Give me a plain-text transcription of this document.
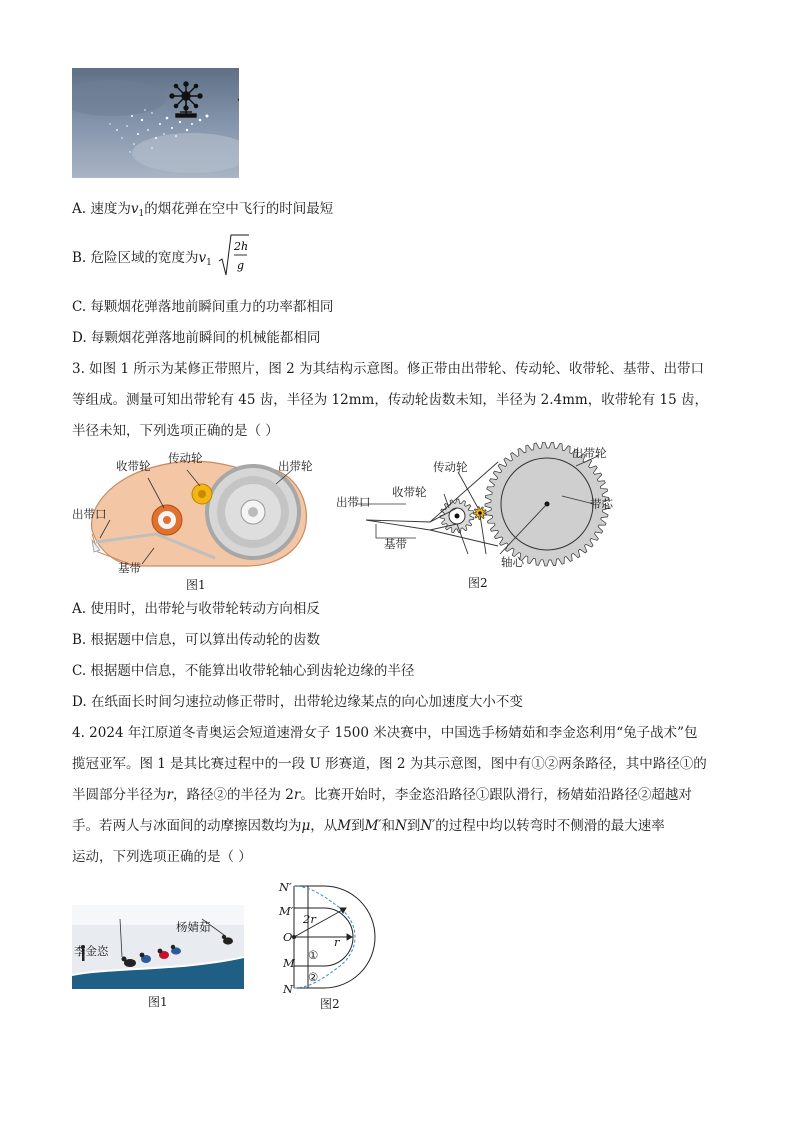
A. 速度为$v_1$的烟花弹在空中飞行的时间最短
B. 危险区域的宽度为$v_1$
2h
g
C. 每颗烟花弹落地前瞬间重力的功率都相同
D. 每颗烟花弹落地前瞬间的机械能都相同
3. 如图 1 所示为某修正带照片，图 2 为其结构示意图。修正带由出带轮、传动轮、收带轮、基带、出带口
等组成。测量可知出带轮有 45 齿，半径为 12mm，传动轮齿数未知，半径为 2.4mm，收带轮有 15 齿，
半径未知，下列选项正确的是（ ）
收带轮
传动轮
出带轮
出带口
基带
图1
传动轮
出带轮
收带轮
出带口	带芯
基带
轴心
图2
A. 使用时，出带轮与收带轮转动方向相反
B. 根据题中信息，可以算出传动轮的齿数
C. 根据题中信息，不能算出收带轮轴心到齿轮边缘的半径
D. 在纸面长时间匀速拉动修正带时，出带轮边缘某点的向心加速度大小不变
4. 2024 年江原道冬青奥运会短道速滑女子 1500 米决赛中，中国选手杨婧茹和李金恣利用“兔子战术”包
揽冠亚军。图 1 是其比赛过程中的一段 U 形赛道，图 2 为其示意图，图中有①②两条路径，其中路径①的
半圆部分半径为r，路径②的半径为 2r。比赛开始时，李金恣沿路径①跟队滑行，杨婧茹沿路径②超越对
手。若两人与冰面间的动摩擦因数均为μ，从M到M′和N到N′的过程中均以转弯时不侧滑的最大速率
运动，下列选项正确的是（ ）
杨婧茹
李金恣
图1
N′
M′
O
M
N
2r
r
①
②
图2
